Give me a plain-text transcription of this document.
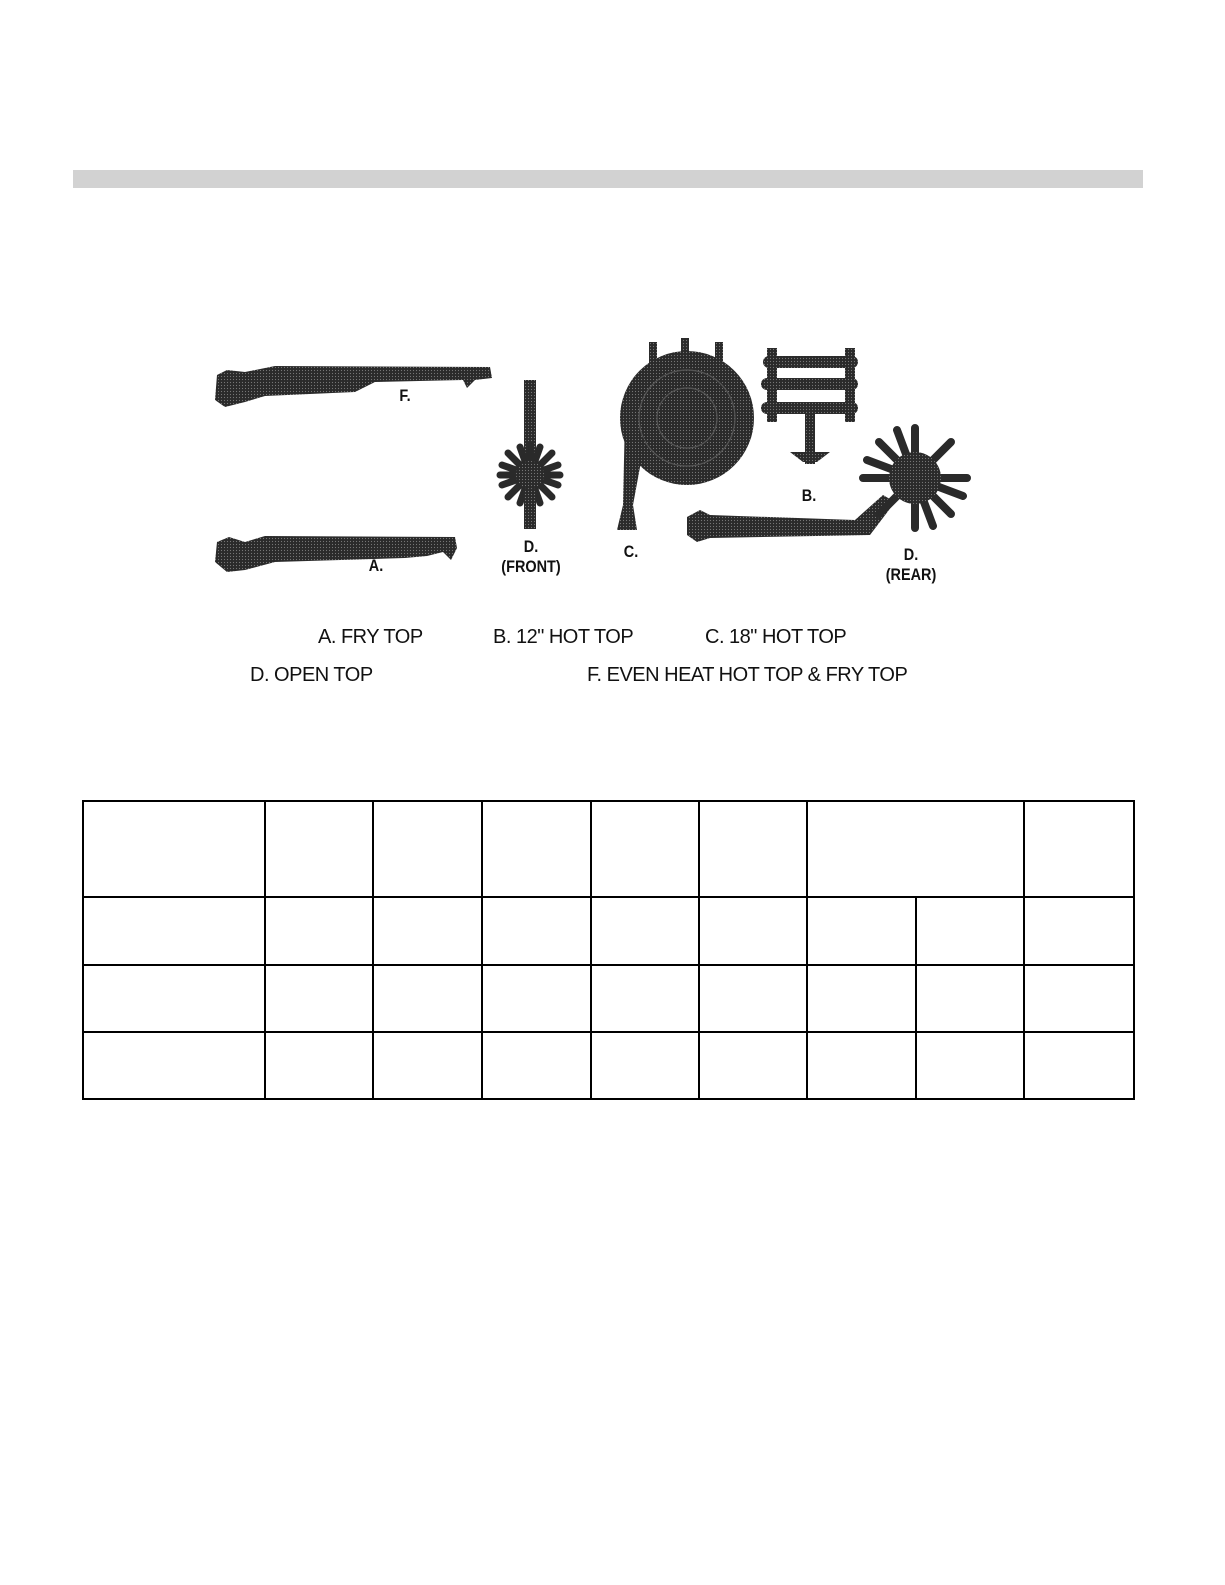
F.
A.
D.
(FRONT)
C.
B.
D.
(REAR)
A. FRY TOP	B. 12" HOT TOP	C. 18" HOT TOP
D. OPEN TOP	F. EVEN HEAT HOT TOP & FRY TOP
